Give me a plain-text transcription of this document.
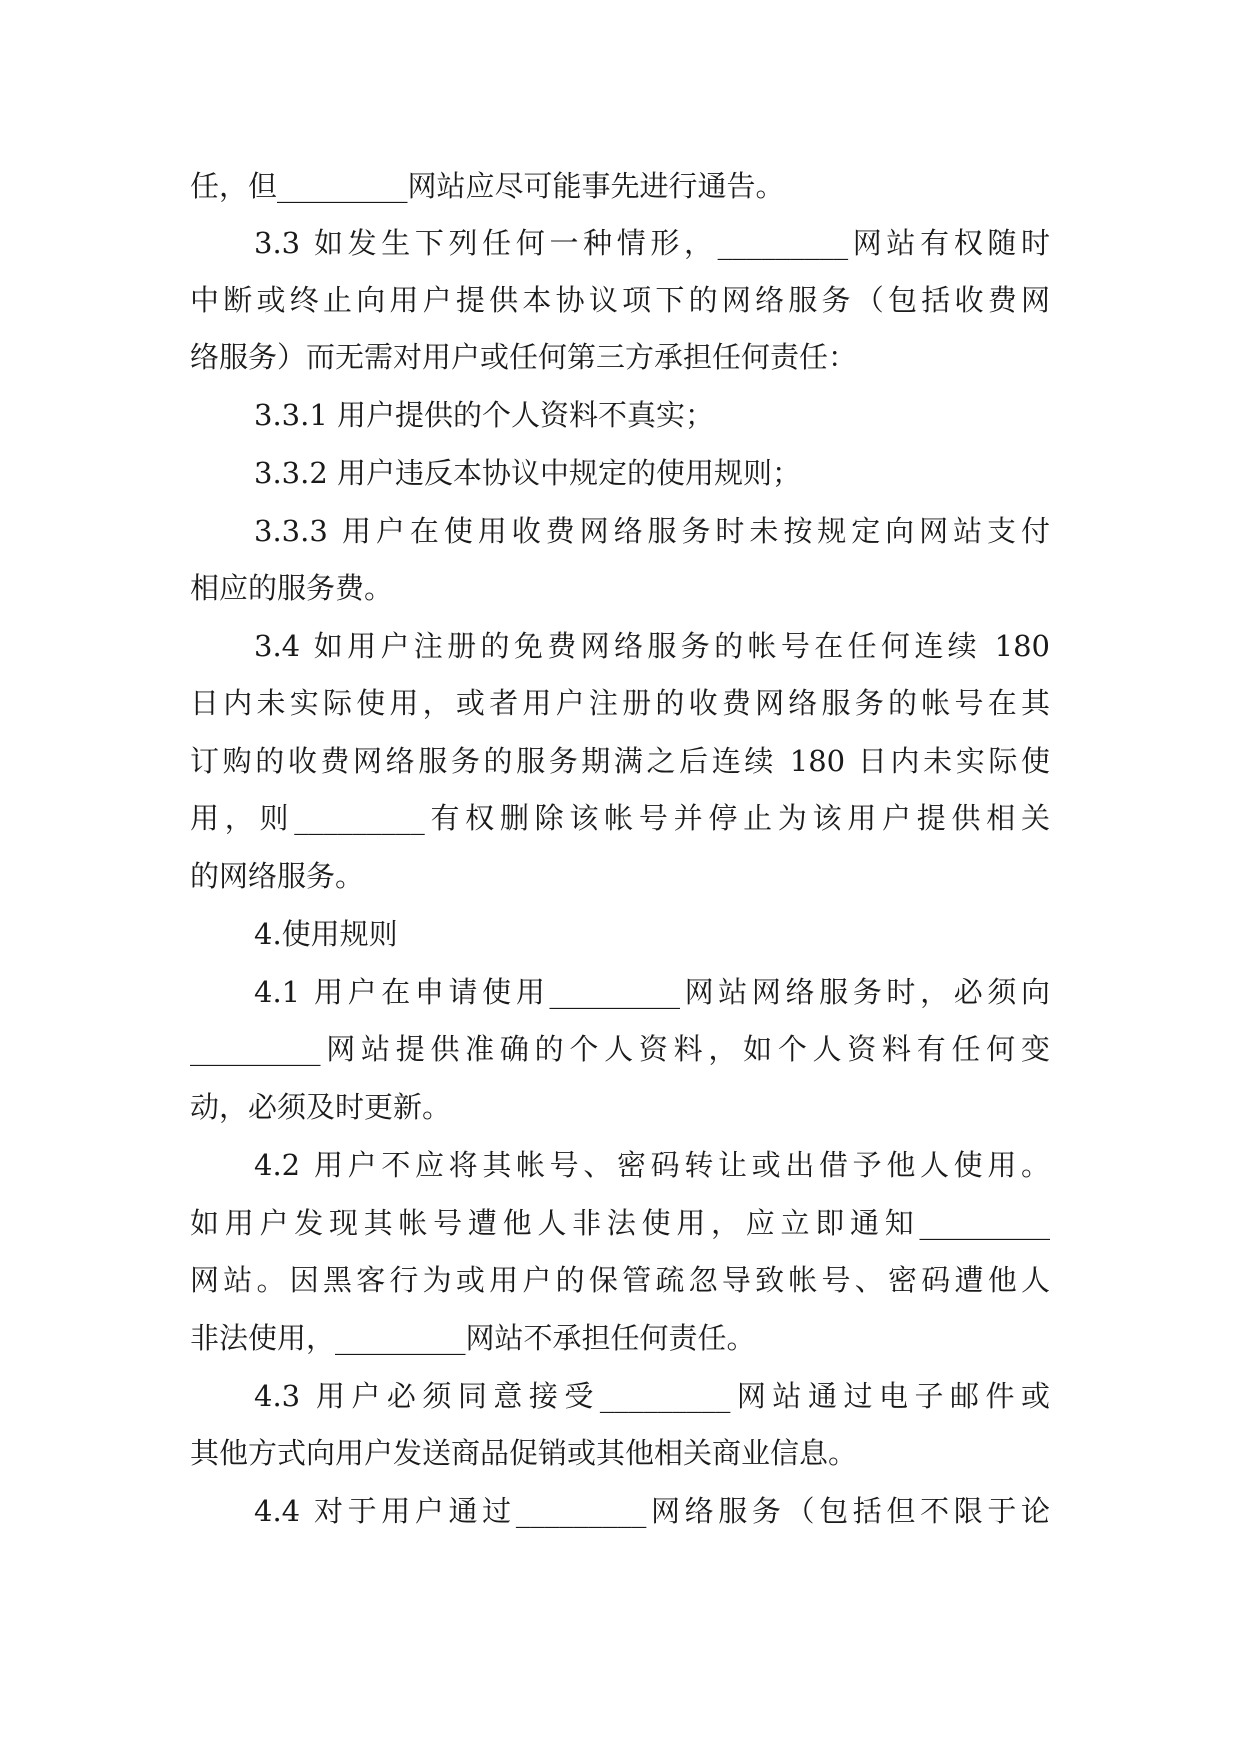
任，但_________网站应尽可能事先进行通告。
3.3 如发生下列任何一种情形，_________网站有权随时
中断或终止向用户提供本协议项下的网络服务（包括收费网
络服务）而无需对用户或任何第三方承担任何责任：
3.3.1 用户提供的个人资料不真实；
3.3.2 用户违反本协议中规定的使用规则；
3.3.3 用户在使用收费网络服务时未按规定向网站支付
相应的服务费。
3.4 如用户注册的免费网络服务的帐号在任何连续 180
日内未实际使用，或者用户注册的收费网络服务的帐号在其
订购的收费网络服务的服务期满之后连续 180 日内未实际使
用，则_________有权删除该帐号并停止为该用户提供相关
的网络服务。
4.使用规则
4.1 用户在申请使用_________网站网络服务时，必须向
_________网站提供准确的个人资料，如个人资料有任何变
动，必须及时更新。
4.2 用户不应将其帐号、密码转让或出借予他人使用。
如用户发现其帐号遭他人非法使用，应立即通知_________
网站。因黑客行为或用户的保管疏忽导致帐号、密码遭他人
非法使用，_________网站不承担任何责任。
4.3 用户必须同意接受_________网站通过电子邮件或
其他方式向用户发送商品促销或其他相关商业信息。
4.4 对于用户通过_________网络服务（包括但不限于论
